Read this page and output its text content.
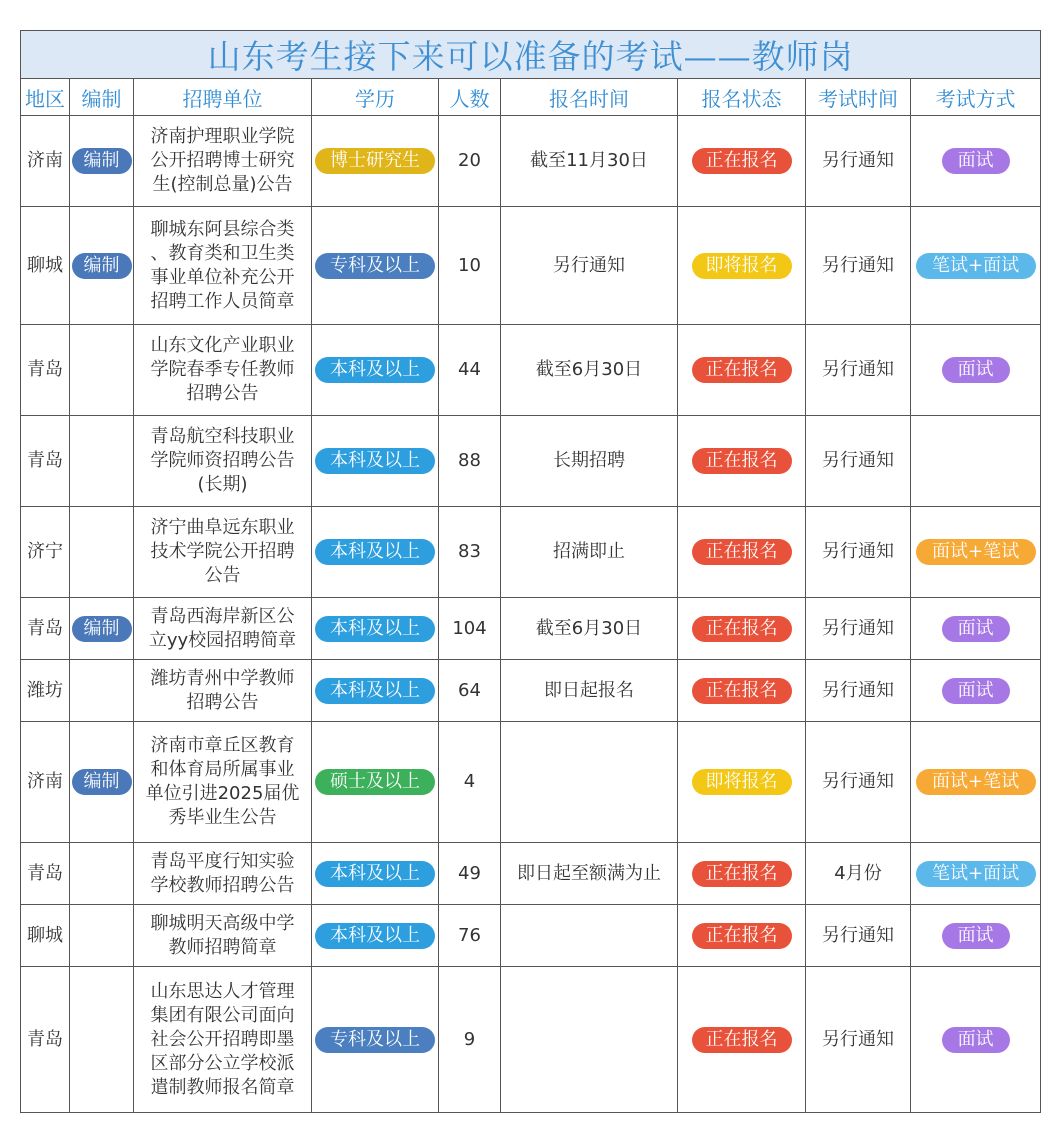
山东考生接下来可以准备的考试——教师岗								
地区	编制	招聘单位	学历	人数	报名时间	报名状态	考试时间	考试方式
济南	编制	济南护理职业学院
公开招聘博士研究
生(控制总量)公告	博士研究生	20	截至11月30日	正在报名	另行通知	面试
聊城	编制	聊城东阿县综合类
、教育类和卫生类
事业单位补充公开
招聘工作人员简章	专科及以上	10	另行通知	即将报名	另行通知	笔试+面试
青岛		山东文化产业职业
学院春季专任教师
招聘公告	本科及以上	44	截至6月30日	正在报名	另行通知	面试
青岛		青岛航空科技职业
学院师资招聘公告
(长期)	本科及以上	88	长期招聘	正在报名	另行通知	
济宁		济宁曲阜远东职业
技术学院公开招聘
公告	本科及以上	83	招满即止	正在报名	另行通知	面试+笔试
青岛	编制	青岛西海岸新区公
立yy校园招聘简章	本科及以上	104	截至6月30日	正在报名	另行通知	面试
潍坊		潍坊青州中学教师
招聘公告	本科及以上	64	即日起报名	正在报名	另行通知	面试
济南	编制	济南市章丘区教育
和体育局所属事业
单位引进2025届优
秀毕业生公告	硕士及以上	4		即将报名	另行通知	面试+笔试
青岛		青岛平度行知实验
学校教师招聘公告	本科及以上	49	即日起至额满为止	正在报名	4月份	笔试+面试
聊城		聊城明天高级中学
教师招聘简章	本科及以上	76		正在报名	另行通知	面试
青岛		山东思达人才管理
集团有限公司面向
社会公开招聘即墨
区部分公立学校派
遣制教师报名简章	专科及以上	9		正在报名	另行通知	面试
